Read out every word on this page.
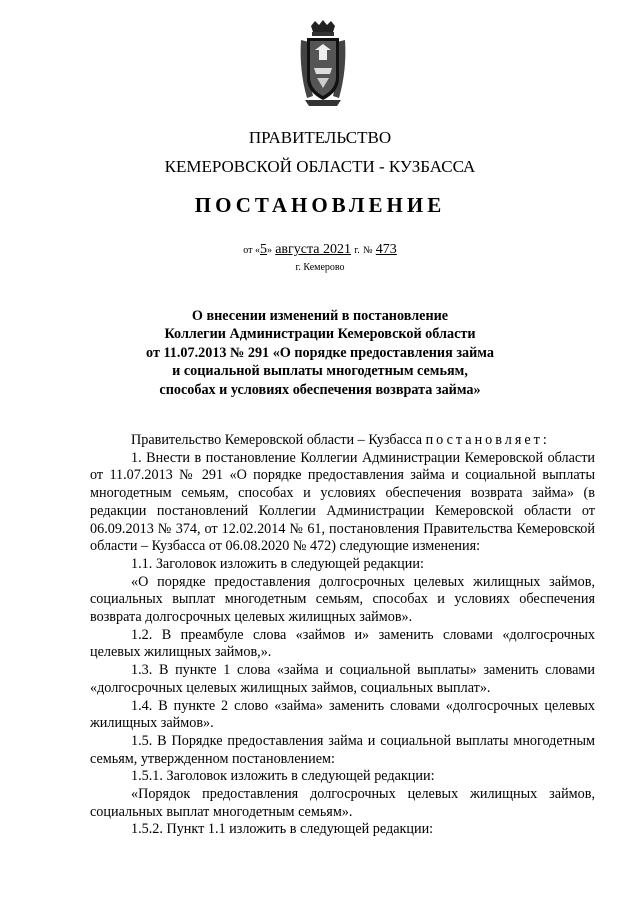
ПРАВИТЕЛЬСТВО
КЕМЕРОВСКОЙ ОБЛАСТИ - КУЗБАССА
ПОСТАНОВЛЕНИЕ
от «5» августа 2021 г. № 473
г. Кемерово
О внесении изменений в постановление
Коллегии Администрации Кемеровской области
от 11.07.2013 № 291 «О порядке предоставления займа
и социальной выплаты многодетным семьям,
способах и условиях обеспечения возврата займа»

Правительство Кемеровской области – Кузбасса постановляет:

1. Внести в постановление Коллегии Администрации Кемеровской области от 11.07.2013 № 291 «О порядке предоставления займа и социальной выплаты многодетным семьям, способах и условиях обеспечения возврата займа» (в редакции постановлений Коллегии Администрации Кемеровской области от 06.09.2013 № 374, от 12.02.2014 № 61, постановления Правительства Кемеровской области – Кузбасса от 06.08.2020 № 472) следующие изменения:

1.1. Заголовок изложить в следующей редакции:

«О порядке предоставления долгосрочных целевых жилищных займов, социальных выплат многодетным семьям, способах и условиях обеспечения возврата долгосрочных целевых жилищных займов».

1.2. В преамбуле слова «займов и» заменить словами «долгосрочных целевых жилищных займов,».

1.3. В пункте 1 слова «займа и социальной выплаты» заменить словами «долгосрочных целевых жилищных займов, социальных выплат».

1.4. В пункте 2 слово «займа» заменить словами «долгосрочных целевых жилищных займов».

1.5. В Порядке предоставления займа и социальной выплаты многодетным семьям, утвержденном постановлением:

1.5.1. Заголовок изложить в следующей редакции:

«Порядок предоставления долгосрочных целевых жилищных займов, социальных выплат многодетным семьям».

1.5.2. Пункт 1.1 изложить в следующей редакции:
